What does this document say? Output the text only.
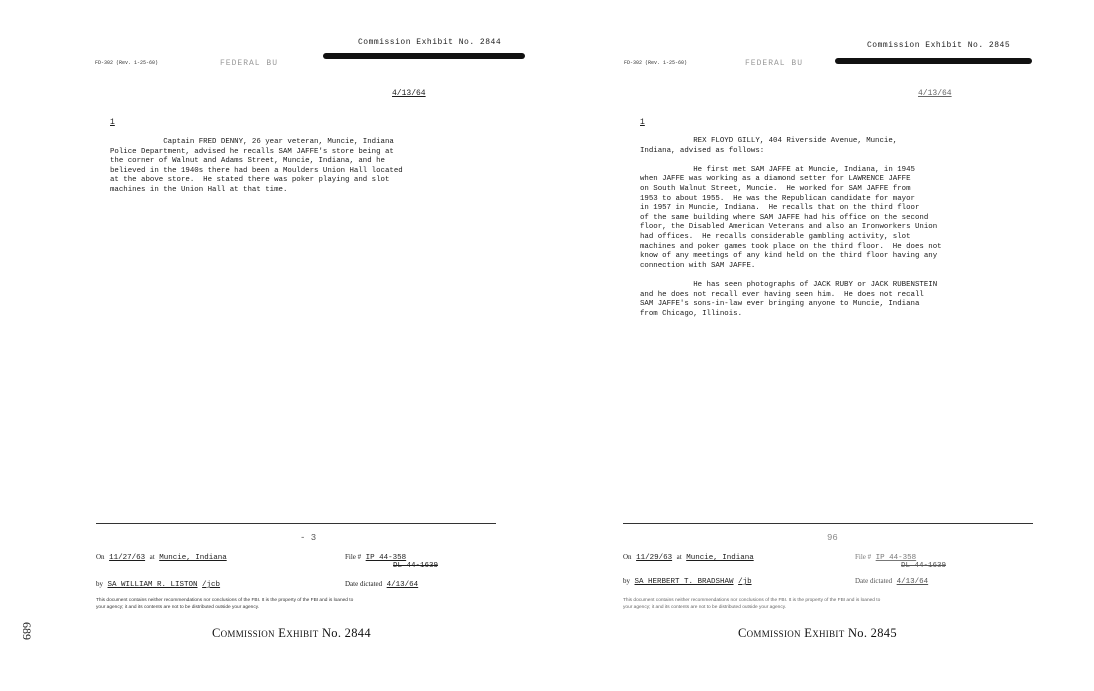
689
Commission Exhibit No. 2844
FD-302 (Rev. 1-25-60)	FEDERAL BU
4/13/64
1
Captain FRED DENNY, 26 year veteran, Muncie, Indiana
Police Department, advised he recalls SAM JAFFE's store being at
the corner of Walnut and Adams Street, Muncie, Indiana, and he
believed in the 1940s there had been a Moulders Union Hall located
at the above store.  He stated there was poker playing and slot
machines in the Union Hall at that time.
- 3
On 11/27/63 at Muncie, Indiana	File # IP 44-358
DL 44-1639
by SA WILLIAM R. LISTON /jcb	Date dictated 4/13/64
This document contains neither recommendations nor conclusions of the FBI. It is the property of the FBI and is loaned to
your agency; it and its contents are not to be distributed outside your agency.
Commission Exhibit No. 2844
Commission Exhibit No. 2845
FD-302 (Rev. 1-25-60)	FEDERAL BU
4/13/64
1
REX FLOYD GILLY, 404 Riverside Avenue, Muncie,
Indiana, advised as follows:

He first met SAM JAFFE at Muncie, Indiana, in 1945
when JAFFE was working as a diamond setter for LAWRENCE JAFFE
on South Walnut Street, Muncie.  He worked for SAM JAFFE from
1953 to about 1955.  He was the Republican candidate for mayor
in 1957 in Muncie, Indiana.  He recalls that on the third floor
of the same building where SAM JAFFE had his office on the second
floor, the Disabled American Veterans and also an Ironworkers Union
had offices.  He recalls considerable gambling activity, slot
machines and poker games took place on the third floor.  He does not
know of any meetings of any kind held on the third floor having any
connection with SAM JAFFE.

He has seen photographs of JACK RUBY or JACK RUBENSTEIN
and he does not recall ever having seen him.  He does not recall
SAM JAFFE's sons-in-law ever bringing anyone to Muncie, Indiana
from Chicago, Illinois.
96
On 11/29/63 at Muncie, Indiana	File # IP 44-358
DL 44-1639
by SA HERBERT T. BRADSHAW /jb	Date dictated 4/13/64
This document contains neither recommendations nor conclusions of the FBI. It is the property of the FBI and is loaned to
your agency; it and its contents are not to be distributed outside your agency.
Commission Exhibit No. 2845
